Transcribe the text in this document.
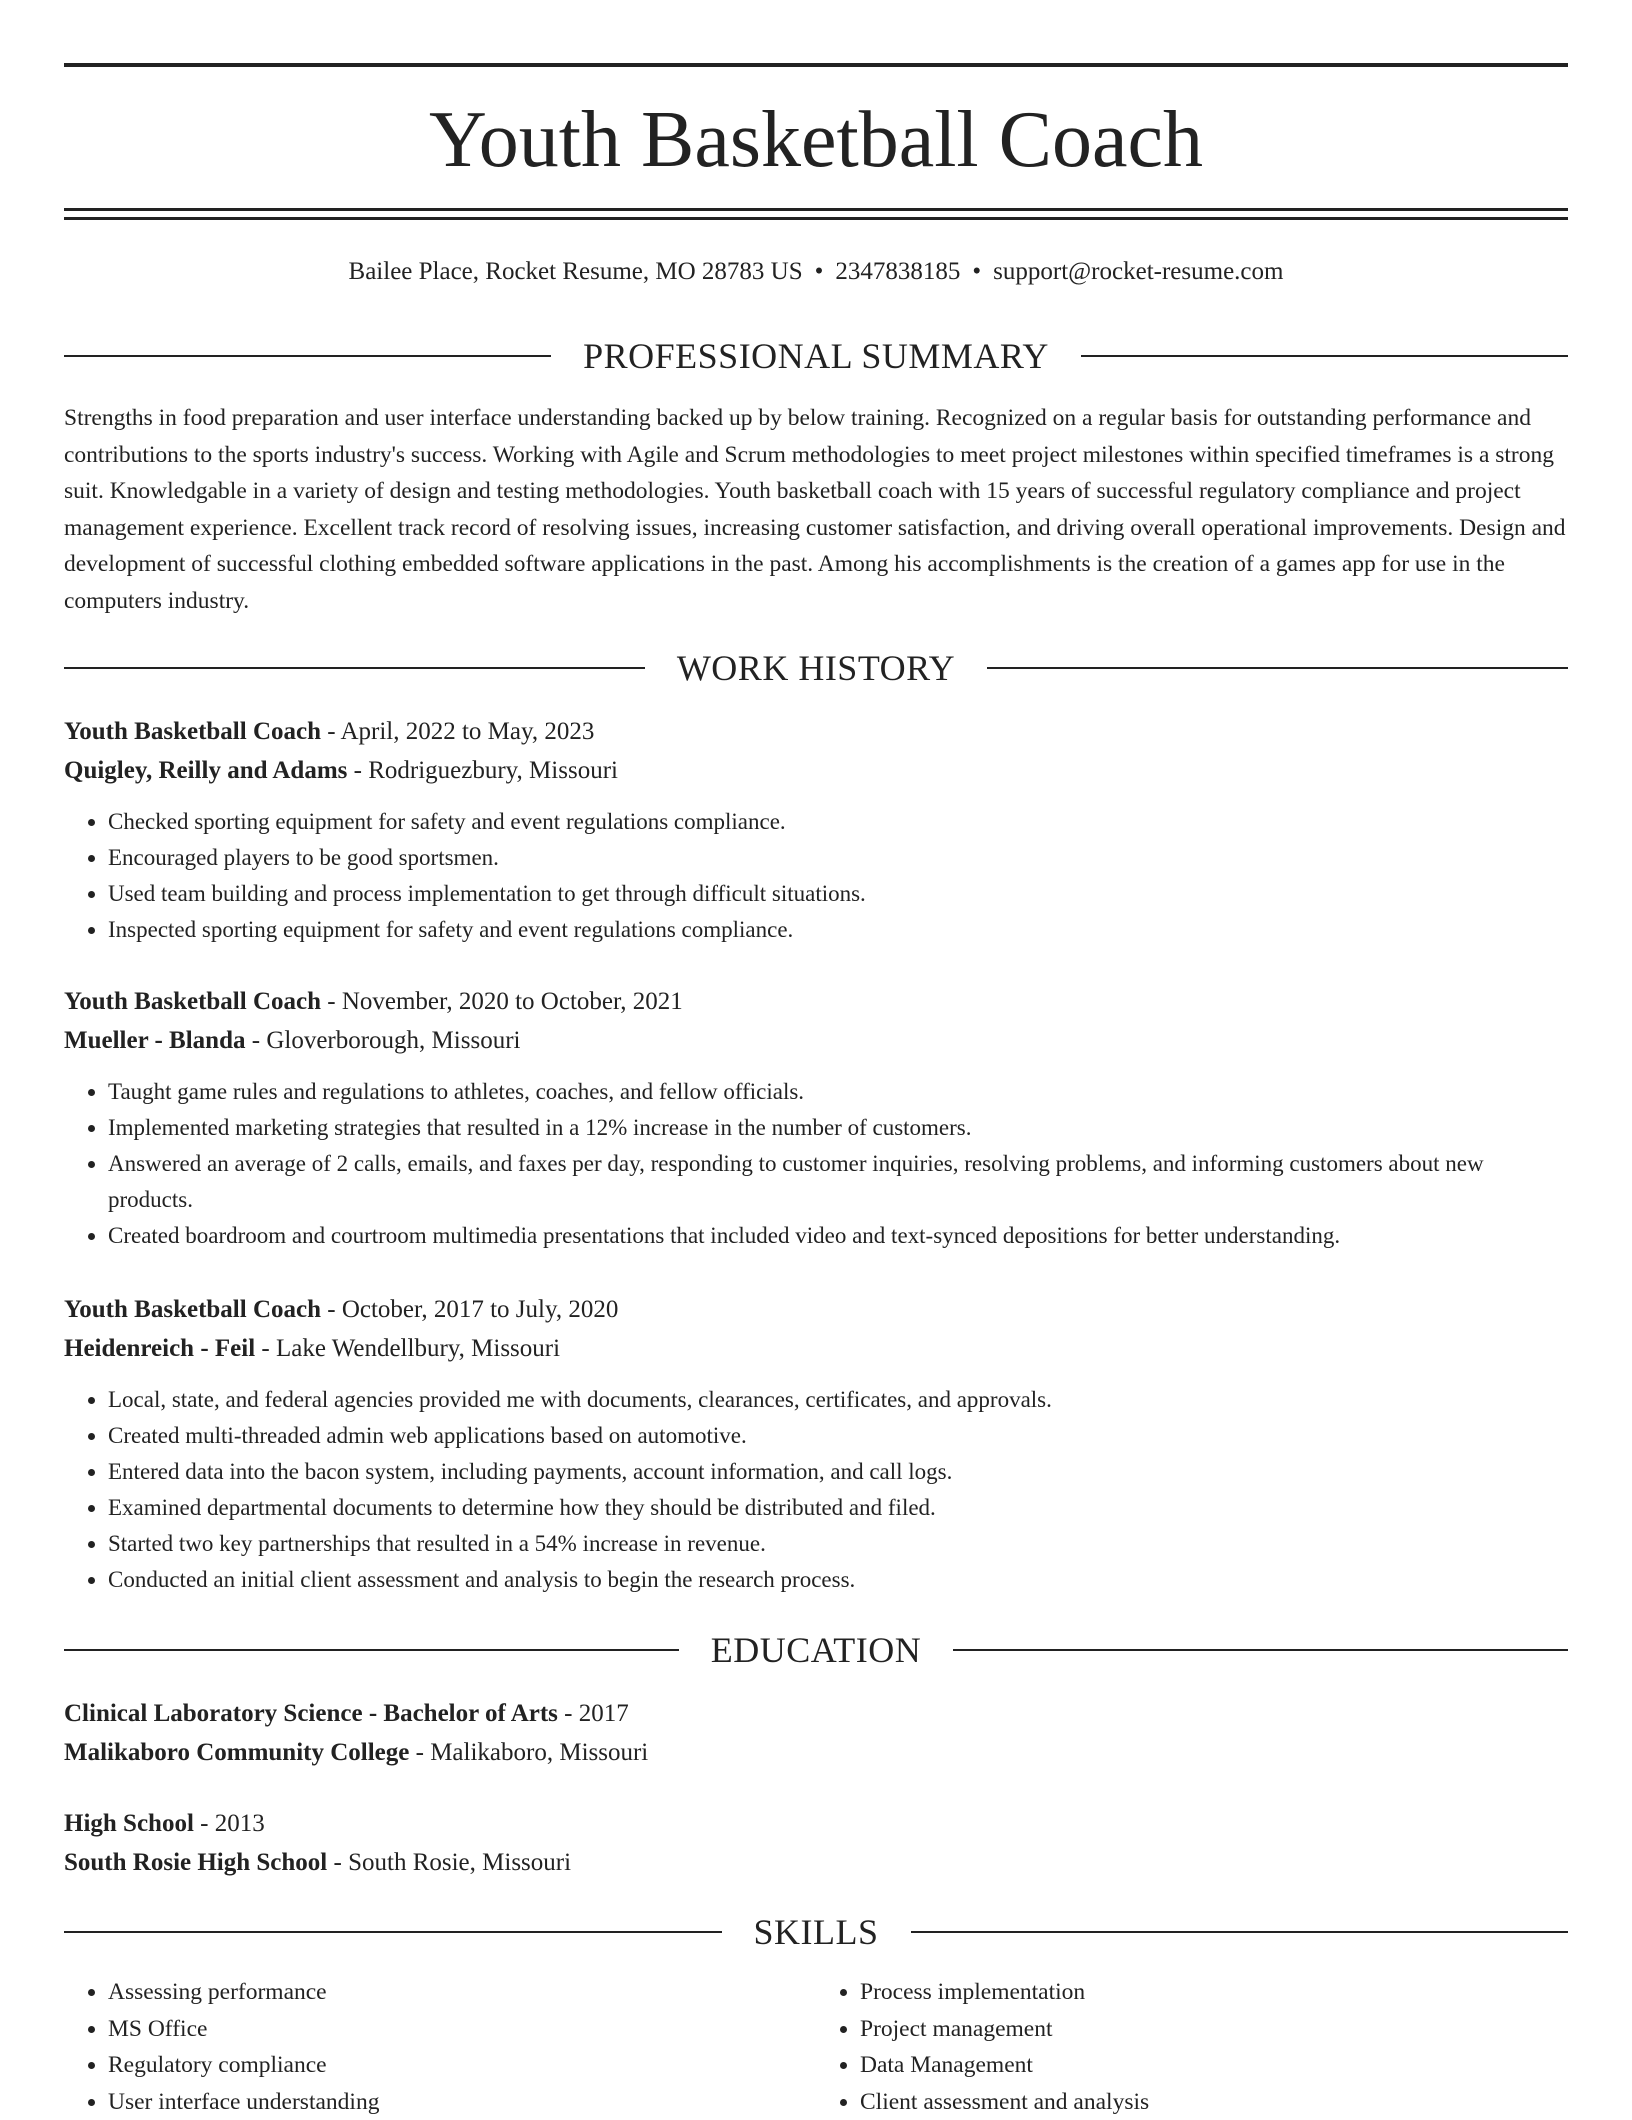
Youth Basketball Coach
Bailee Place, Rocket Resume, MO 28783 US • 2347838185 • support@rocket-resume.com
PROFESSIONAL SUMMARY

Strengths in food preparation and user interface understanding backed up by below training. Recognized on a regular basis for outstanding performance and contributions to the sports industry's success. Working with Agile and Scrum methodologies to meet project milestones within specified timeframes is a strong suit. Knowledgable in a variety of design and testing methodologies. Youth basketball coach with 15 years of successful regulatory compliance and project management experience. Excellent track record of resolving issues, increasing customer satisfaction, and driving overall operational improvements. Design and development of successful clothing embedded software applications in the past. Among his accomplishments is the creation of a games app for use in the computers industry.

WORK HISTORY
Youth Basketball Coach - April, 2022 to May, 2023
Quigley, Reilly and Adams - Rodriguezbury, Missouri
• Checked sporting equipment for safety and event regulations compliance.
• Encouraged players to be good sportsmen.
• Used team building and process implementation to get through difficult situations.
• Inspected sporting equipment for safety and event regulations compliance.
Youth Basketball Coach - November, 2020 to October, 2021
Mueller - Blanda - Gloverborough, Missouri
• Taught game rules and regulations to athletes, coaches, and fellow officials.
• Implemented marketing strategies that resulted in a 12% increase in the number of customers.
• Answered an average of 2 calls, emails, and faxes per day, responding to customer inquiries, resolving problems, and informing customers about new products.
• Created boardroom and courtroom multimedia presentations that included video and text-synced depositions for better understanding.
Youth Basketball Coach - October, 2017 to July, 2020
Heidenreich - Feil - Lake Wendellbury, Missouri
• Local, state, and federal agencies provided me with documents, clearances, certificates, and approvals.
• Created multi-threaded admin web applications based on automotive.
• Entered data into the bacon system, including payments, account information, and call logs.
• Examined departmental documents to determine how they should be distributed and filed.
• Started two key partnerships that resulted in a 54% increase in revenue.
• Conducted an initial client assessment and analysis to begin the research process.
EDUCATION
Clinical Laboratory Science - Bachelor of Arts - 2017
Malikaboro Community College - Malikaboro, Missouri
High School - 2013
South Rosie High School - South Rosie, Missouri
SKILLS
• Assessing performance
• MS Office
• Regulatory compliance
• User interface understanding
• Process implementation
• Project management
• Data Management
• Client assessment and analysis
